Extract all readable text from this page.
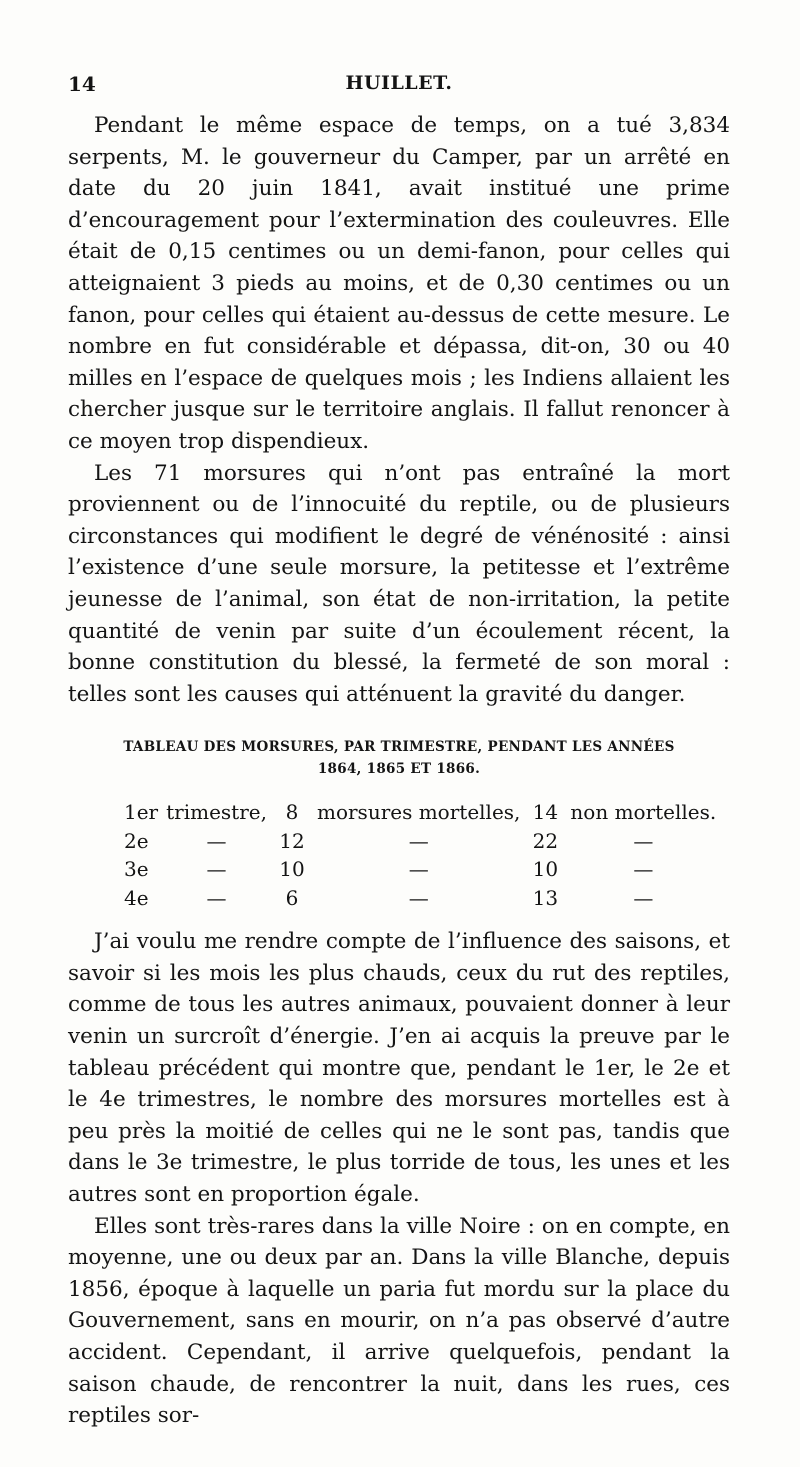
14	HUILLET.

Pendant le même espace de temps, on a tué 3,834 serpents, M. le gouverneur du Camper, par un arrêté en date du 20 juin 1841, avait institué une prime d’encouragement pour l’extermination des couleuvres. Elle était de 0,15 centimes ou un demi-fanon, pour celles qui atteignaient 3 pieds au moins, et de 0,30 centimes ou un fanon, pour celles qui étaient au-dessus de cette mesure. Le nombre en fut considérable et dépassa, dit-on, 30 ou 40 milles en l’espace de quelques mois ; les Indiens allaient les chercher jusque sur le territoire anglais. Il fallut renoncer à ce moyen trop dispendieux.

Les 71 morsures qui n’ont pas entraîné la mort proviennent ou de l’innocuité du reptile, ou de plusieurs circonstances qui modifient le degré de vénénosité : ainsi l’existence d’une seule morsure, la petitesse et l’extrême jeunesse de l’animal, son état de non-irritation, la petite quantité de venin par suite d’un écoulement récent, la bonne constitution du blessé, la fermeté de son moral : telles sont les causes qui atténuent la gravité du danger.

TABLEAU DES MORSURES, PAR TRIMESTRE, PENDANT LES ANNÉES
1864, 1865 ET 1866.
1er	trimestre,	8	morsures mortelles,	14	non mortelles.
2e	—	12	—	22	—
3e	—	10	—	10	—
4e	—	6	—	13	—

J’ai voulu me rendre compte de l’influence des saisons, et savoir si les mois les plus chauds, ceux du rut des reptiles, comme de tous les autres animaux, pouvaient donner à leur venin un surcroît d’énergie. J’en ai acquis la preuve par le tableau précédent qui montre que, pendant le 1er, le 2e et le 4e trimestres, le nombre des morsures mortelles est à peu près la moitié de celles qui ne le sont pas, tandis que dans le 3e trimestre, le plus torride de tous, les unes et les autres sont en proportion égale.

Elles sont très-rares dans la ville Noire : on en compte, en moyenne, une ou deux par an. Dans la ville Blanche, depuis 1856, époque à laquelle un paria fut mordu sur la place du Gouvernement, sans en mourir, on n’a pas observé d’autre accident. Cependant, il arrive quelquefois, pendant la saison chaude, de rencontrer la nuit, dans les rues, ces reptiles sor-
